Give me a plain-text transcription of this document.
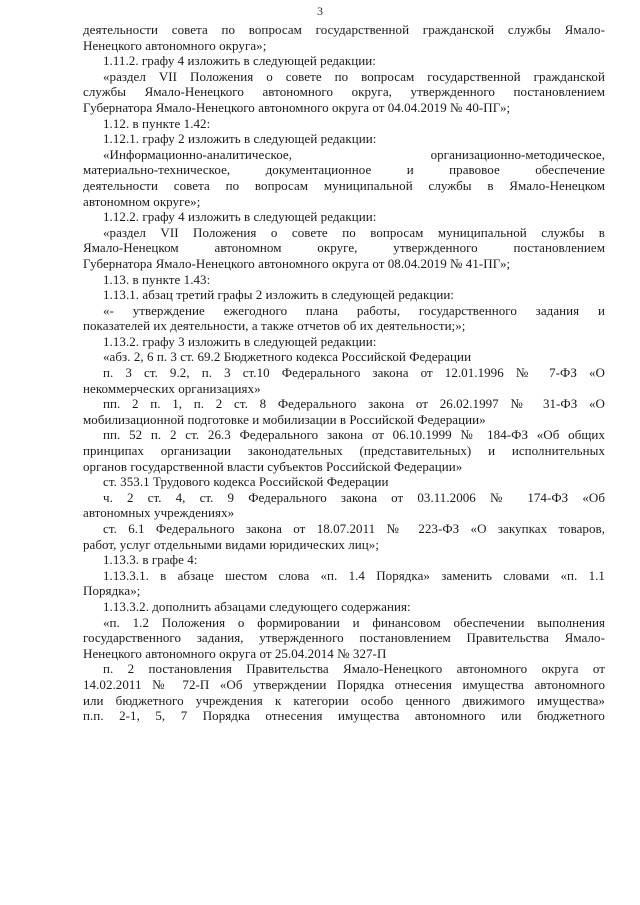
3
деятельности совета по вопросам государственной гражданской службы Ямало-
Ненецкого автономного округа»;
1.11.2. графу 4 изложить в следующей редакции:
«раздел VII Положения о совете по вопросам государственной гражданской
службы Ямало-Ненецкого автономного округа, утвержденного постановлением
Губернатора Ямало-Ненецкого автономного округа от 04.04.2019 № 40-ПГ»;
1.12. в пункте 1.42:
1.12.1. графу 2 изложить в следующей редакции:
«Информационно-аналитическое, организационно-методическое,
материально-техническое, документационное и правовое обеспечение
деятельности совета по вопросам муниципальной службы в Ямало-Ненецком
автономном округе»;
1.12.2. графу 4 изложить в следующей редакции:
«раздел VII Положения о совете по вопросам муниципальной службы в
Ямало-Ненецком автономном округе, утвержденного постановлением
Губернатора Ямало-Ненецкого автономного округа от 08.04.2019 № 41-ПГ»;
1.13. в пункте 1.43:
1.13.1. абзац третий графы 2 изложить в следующей редакции:
«- утверждение ежегодного плана работы, государственного задания и
показателей их деятельности, а также отчетов об их деятельности;»;
1.13.2. графу 3 изложить в следующей редакции:
«абз. 2, 6 п. 3 ст. 69.2 Бюджетного кодекса Российской Федерации
п. 3 ст. 9.2, п. 3 ст.10 Федерального закона от 12.01.1996 № 7-ФЗ «О
некоммерческих организациях»
пп. 2 п. 1, п. 2 ст. 8 Федерального закона от 26.02.1997 № 31-ФЗ «О
мобилизационной подготовке и мобилизации в Российской Федерации»
пп. 52 п. 2 ст. 26.3 Федерального закона от 06.10.1999 № 184-ФЗ «Об общих
принципах организации законодательных (представительных) и исполнительных
органов государственной власти субъектов Российской Федерации»
ст. 353.1 Трудового кодекса Российской Федерации
ч. 2 ст. 4, ст. 9 Федерального закона от 03.11.2006 № 174-ФЗ «Об
автономных учреждениях»
ст. 6.1 Федерального закона от 18.07.2011 № 223-ФЗ «О закупках товаров,
работ, услуг отдельными видами юридических лиц»;
1.13.3. в графе 4:
1.13.3.1. в абзаце шестом слова «п. 1.4 Порядка» заменить словами «п. 1.1
Порядка»;
1.13.3.2. дополнить абзацами следующего содержания:
«п. 1.2 Положения о формировании и финансовом обеспечении выполнения
государственного задания, утвержденного постановлением Правительства Ямало-
Ненецкого автономного округа от 25.04.2014 № 327-П
п. 2 постановления Правительства Ямало-Ненецкого автономного округа от
14.02.2011 № 72-П «Об утверждении Порядка отнесения имущества автономного
или бюджетного учреждения к категории особо ценного движимого имущества»
п.п. 2-1, 5, 7 Порядка отнесения имущества автономного или бюджетного
